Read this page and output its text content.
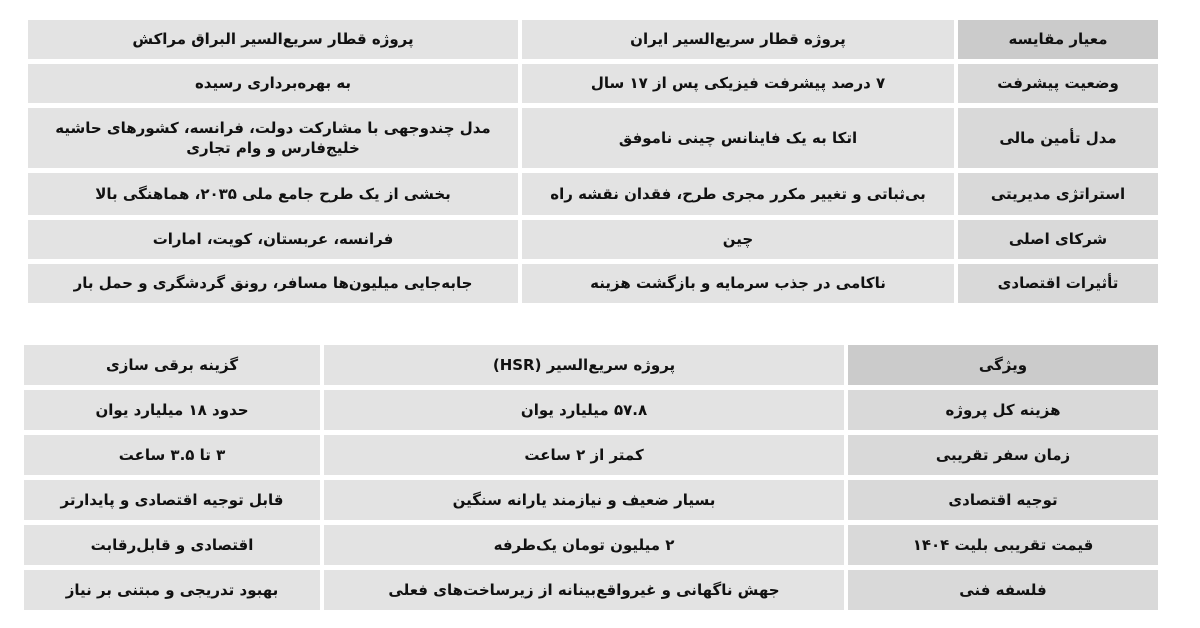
معیار مقایسه
پروژه قطار سریع‌السیر ایران
پروژه قطار سریع‌السیر البراق مراکش
وضعیت پیشرفت
۷ درصد پیشرفت فیزیکی پس از ۱۷ سال
به بهره‌برداری رسیده
مدل تأمین مالی
اتکا به یک فاینانس چینی ناموفق
مدل چندوجهی با مشارکت دولت، فرانسه، کشورهای حاشیه خلیج‌فارس و وام تجاری
استراتژی مدیریتی
بی‌ثباتی و تغییر مکرر مجری طرح، فقدان نقشه راه
بخشی از یک طرح جامع ملی ۲۰۳۵، هماهنگی بالا
شرکای اصلی
چین
فرانسه، عربستان، کویت، امارات
تأثیرات اقتصادی
ناکامی در جذب سرمایه و بازگشت هزینه
جابه‌جایی میلیون‌ها مسافر، رونق گردشگری و حمل بار
ویژگی
پروژه سریع‌السیر (HSR)
گزینه برقی سازی
هزینه کل پروژه
۵۷.۸ میلیارد یوان
حدود ۱۸ میلیارد یوان
زمان سفر تقریبی
کمتر از ۲ ساعت
۳ تا ۳.۵ ساعت
توجیه اقتصادی
بسیار ضعیف و نیازمند یارانه سنگین
قابل توجیه اقتصادی و پایدارتر
قیمت تقریبی بلیت ۱۴۰۴
۲ میلیون تومان یک‌طرفه
اقتصادی و قابل‌رقابت
فلسفه فنی
جهش ناگهانی و غیرواقع‌بینانه از زیرساخت‌های فعلی
بهبود تدریجی و مبتنی بر نیاز
